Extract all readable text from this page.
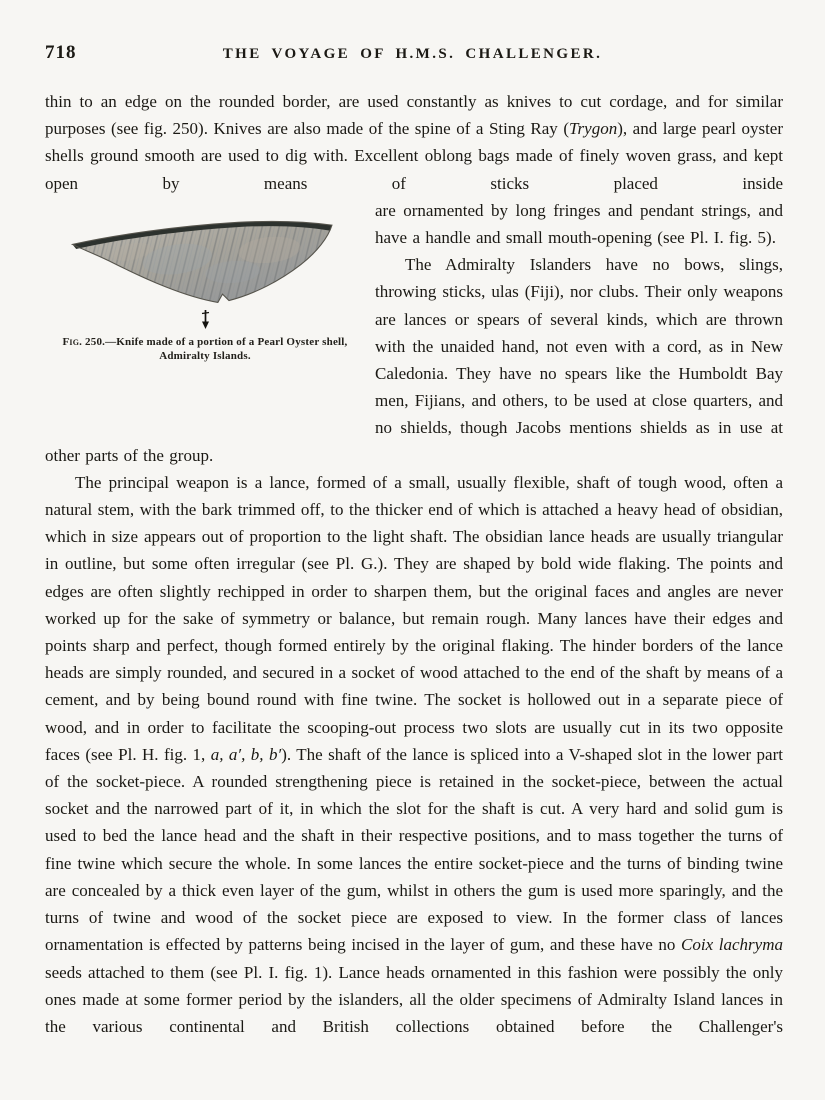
718	THE VOYAGE OF H.M.S. CHALLENGER.

thin to an edge on the rounded border, are used constantly as knives to cut cordage, and for similar purposes (see fig. 250). Knives are also made of the spine of a Sting Ray (Trygon), and large pearl oyster shells ground smooth are used to dig with. Excellent oblong bags made of finely woven grass, and kept open by means of sticks placed inside

Fig. 250.—Knife made of a portion of a Pearl Oyster shell, Admiralty Islands.

are ornamented by long fringes and pendant strings, and have a handle and small mouth-opening (see Pl. I. fig. 5).

The Admiralty Islanders have no bows, slings, throwing sticks, ulas (Fiji), nor clubs. Their only weapons are lances or spears of several kinds, which are thrown with the unaided hand, not even with a cord, as in New Caledonia. They have no spears like the Humboldt Bay men, Fijians, and others, to be used at close quarters, and no shields, though Jacobs mentions shields as in use at other parts of the group.

The principal weapon is a lance, formed of a small, usually flexible, shaft of tough wood, often a natural stem, with the bark trimmed off, to the thicker end of which is attached a heavy head of obsidian, which in size appears out of proportion to the light shaft. The obsidian lance heads are usually triangular in outline, but some often irregular (see Pl. G.). They are shaped by bold wide flaking. The points and edges are often slightly rechipped in order to sharpen them, but the original faces and angles are never worked up for the sake of symmetry or balance, but remain rough. Many lances have their edges and points sharp and perfect, though formed entirely by the original flaking. The hinder borders of the lance heads are simply rounded, and secured in a socket of wood attached to the end of the shaft by means of a cement, and by being bound round with fine twine. The socket is hollowed out in a separate piece of wood, and in order to facilitate the scooping-out process two slots are usually cut in its two opposite faces (see Pl. H. fig. 1, a, a′, b, b′). The shaft of the lance is spliced into a V-shaped slot in the lower part of the socket-piece. A rounded strengthening piece is retained in the socket-piece, between the actual socket and the narrowed part of it, in which the slot for the shaft is cut. A very hard and solid gum is used to bed the lance head and the shaft in their respective positions, and to mass together the turns of fine twine which secure the whole. In some lances the entire socket-piece and the turns of binding twine are concealed by a thick even layer of the gum, whilst in others the gum is used more sparingly, and the turns of twine and wood of the socket piece are exposed to view. In the former class of lances ornamentation is effected by patterns being incised in the layer of gum, and these have no Coix lachryma seeds attached to them (see Pl. I. fig. 1). Lance heads ornamented in this fashion were possibly the only ones made at some former period by the islanders, all the older specimens of Admiralty Island lances in the various continental and British collections obtained before the Challenger's
